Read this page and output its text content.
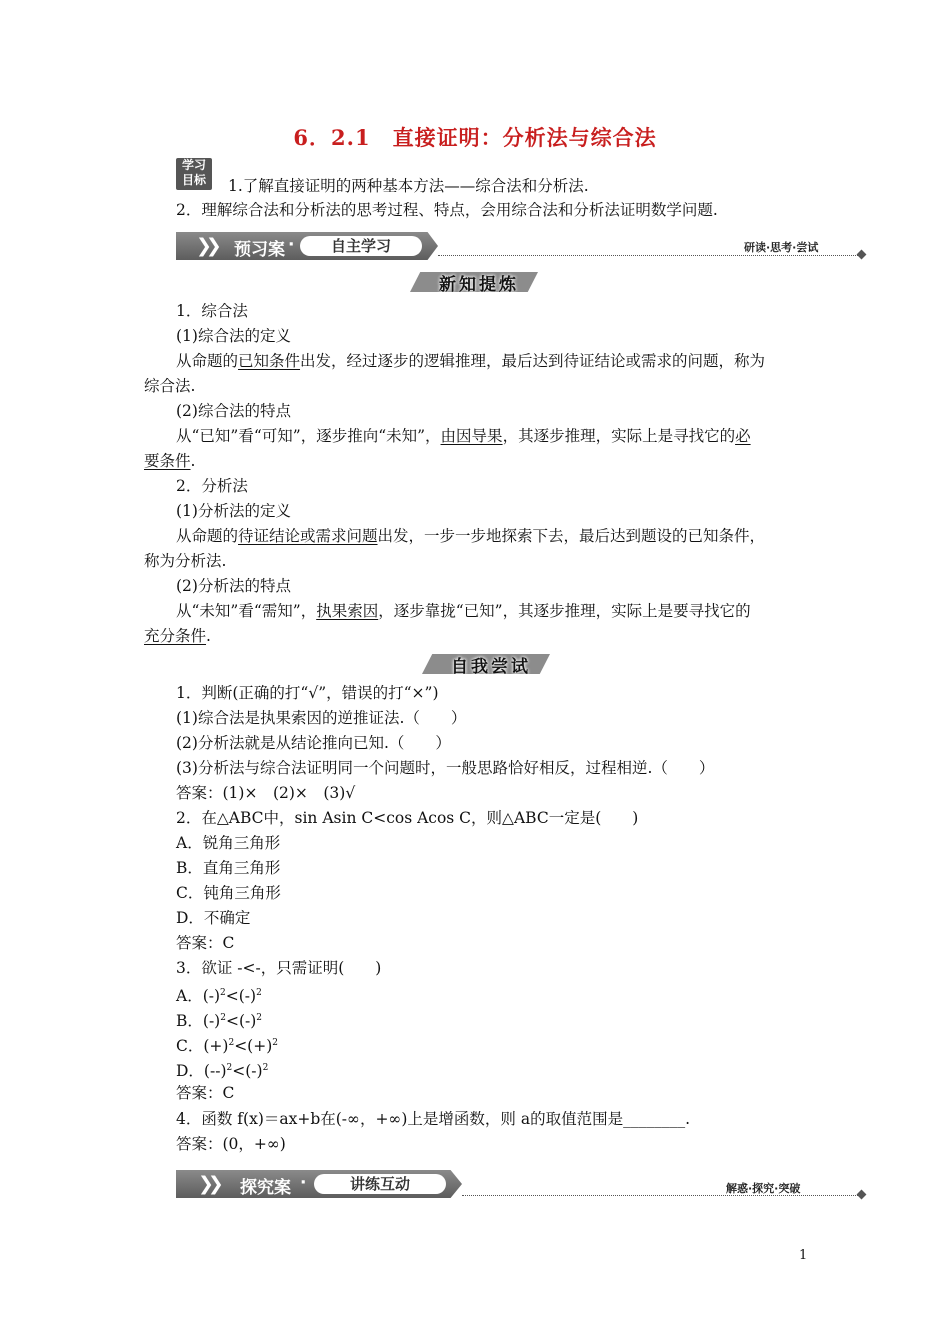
6．2.1　直接证明：分析法与综合法
学习
目标	1.了解直接证明的两种基本方法——综合法和分析法.
2．理解综合法和分析法的思考过程、特点，会用综合法和分析法证明数学问题.
❯❯ 预习案 ·	自主学习	研读·思考·尝试
新知提炼
1．综合法
(1)综合法的定义
从命题的已知条件出发，经过逐步的逻辑推理，最后达到待证结论或需求的问题，称为
综合法.
(2)综合法的特点
从“已知”看“可知”，逐步推向“未知”，由因导果，其逐步推理，实际上是寻找它的必
要条件.
2．分析法
(1)分析法的定义
从命题的待证结论或需求问题出发，一步一步地探索下去，最后达到题设的已知条件，
称为分析法.
(2)分析法的特点
从“未知”看“需知”，执果索因，逐步靠拢“已知”，其逐步推理，实际上是要寻找它的
充分条件.
自我尝试
1．判断(正确的打“√”，错误的打“×”)
(1)综合法是执果索因的逆推证法.（　　）
(2)分析法就是从结论推向已知.（　　）
(3)分析法与综合法证明同一个问题时，一般思路恰好相反，过程相逆.（　　）
答案：(1)×　(2)×　(3)√
2．在△ABC中，sin Asin C<cos Acos C，则△ABC一定是(　　)
A．锐角三角形
B．直角三角形
C．钝角三角形
D．不确定
答案：C
3．欲证 -<-，只需证明(　　)
A．$(-)^2<(-)^2$
B．$(-)^2<(-)^2$
C．$(+)^2<(+)^2$
D．$(--)^2<(-)^2$
答案：C
4．函数 f(x)＝ax+b在(-∞，+∞)上是增函数，则 a的取值范围是________.
答案：(0，+∞)
❯❯ 探究案 ·	讲练互动	解惑·探究·突破
1
